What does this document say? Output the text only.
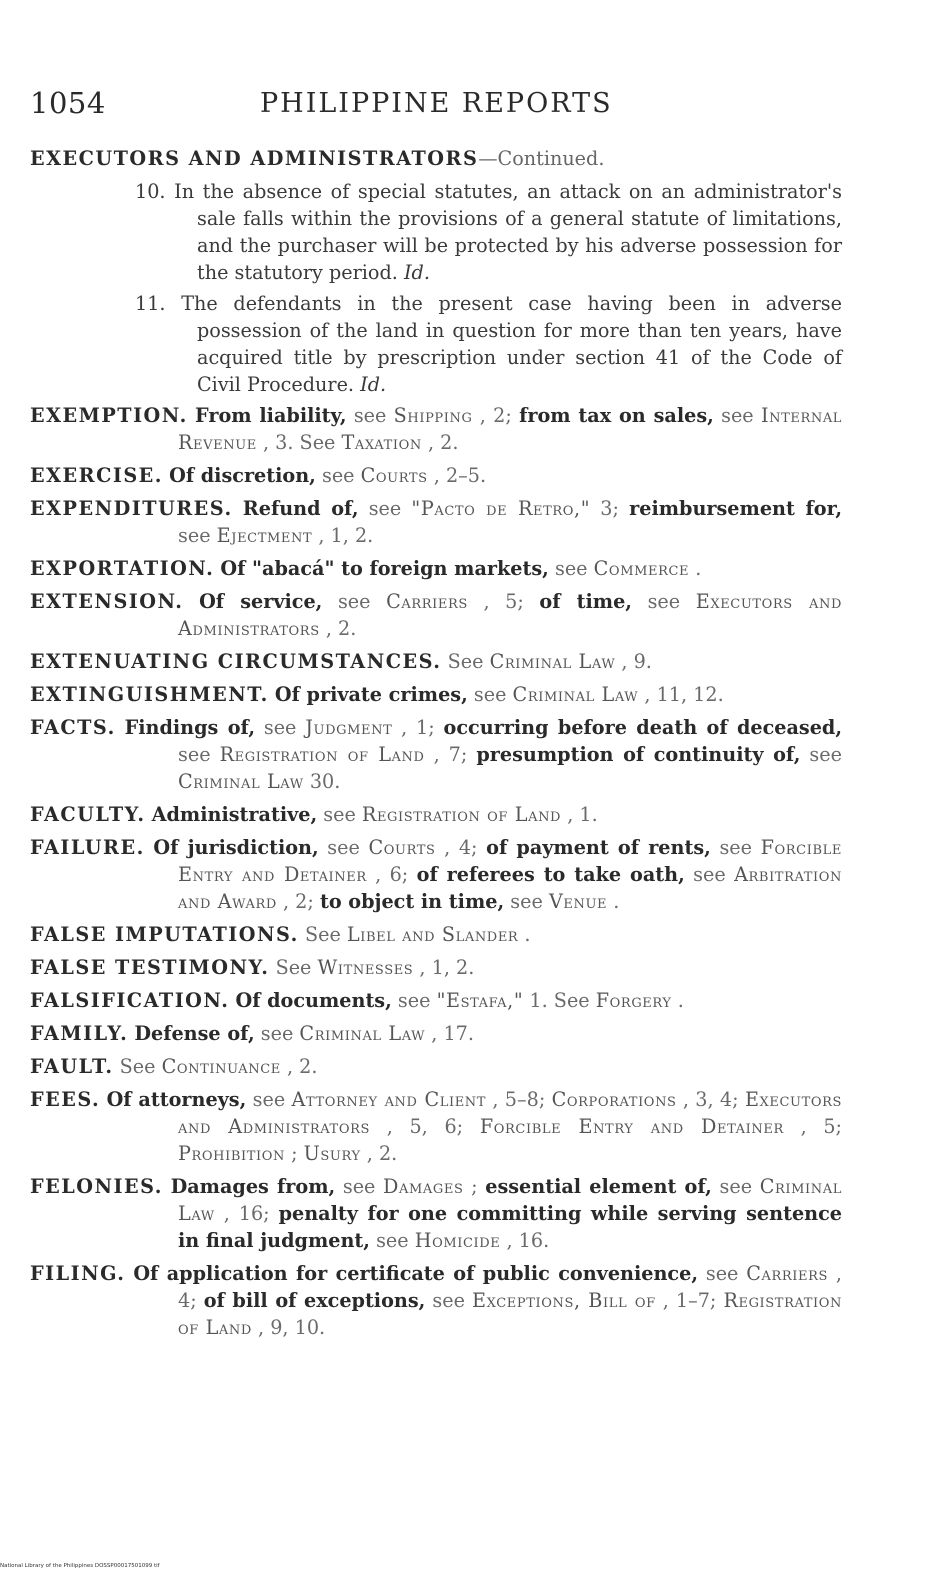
1054	PHILIPPINE REPORTS
EXECUTORS AND ADMINISTRATORS—Continued.
10. In the absence of special statutes, an attack on an administrator's sale falls within the provisions of a general statute of limitations, and the purchaser will be protected by his adverse possession for the statutory period. Id.
11. The defendants in the present case having been in adverse possession of the land in question for more than ten years, have acquired title by prescription under section 41 of the Code of Civil Procedure. Id.
EXEMPTION. From liability, see Shipping , 2; from tax on sales, see Internal Revenue , 3. See Taxation , 2.
EXERCISE. Of discretion, see Courts , 2–5.
EXPENDITURES. Refund of, see "Pacto de Retro," 3; reimbursement for, see Ejectment , 1, 2.
EXPORTATION. Of "abacá" to foreign markets, see Commerce .
EXTENSION. Of service, see Carriers , 5; of time, see Executors and Administrators , 2.
EXTENUATING CIRCUMSTANCES. See Criminal Law , 9.
EXTINGUISHMENT. Of private crimes, see Criminal Law , 11, 12.
FACTS. Findings of, see Judgment , 1; occurring before death of deceased, see Registration of Land , 7; presumption of continuity of, see Criminal Law 30.
FACULTY. Administrative, see Registration of Land , 1.
FAILURE. Of jurisdiction, see Courts , 4; of payment of rents, see Forcible Entry and Detainer , 6; of referees to take oath, see Arbitration and Award , 2; to object in time, see Venue .
FALSE IMPUTATIONS. See Libel and Slander .
FALSE TESTIMONY. See Witnesses , 1, 2.
FALSIFICATION. Of documents, see "Estafa," 1. See Forgery .
FAMILY. Defense of, see Criminal Law , 17.
FAULT. See Continuance , 2.
FEES. Of attorneys, see Attorney and Client , 5–8; Corporations , 3, 4; Executors and Administrators , 5, 6; Forcible Entry and Detainer , 5; Prohibition ; Usury , 2.
FELONIES. Damages from, see Damages ; essential element of, see Criminal Law , 16; penalty for one committing while serving sentence in final judgment, see Homicide , 16.
FILING. Of application for certificate of public convenience, see Carriers , 4; of bill of exceptions, see Exceptions, Bill of , 1–7; Registration of Land , 9, 10.
National Library of the Philippines DOSSP00017501099 tif
